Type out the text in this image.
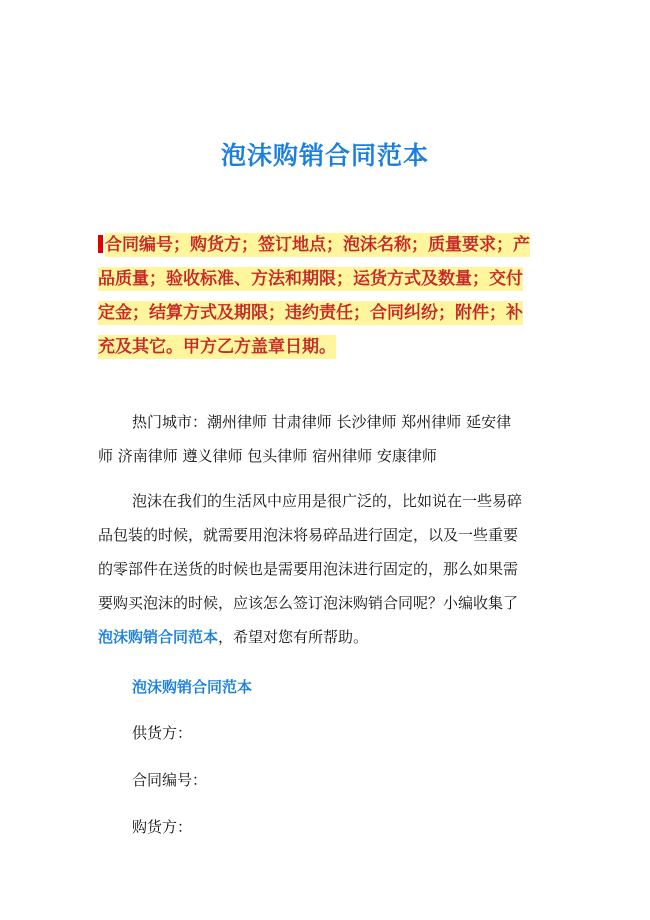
泡沫购销合同范本
合同编号；购货方；签订地点；泡沫名称；质量要求；产
品质量；验收标准、方法和期限；运货方式及数量；交付
定金；结算方式及期限；违约责任；合同纠纷；附件；补
充及其它。甲方乙方盖章日期。
热门城市：潮州律师 甘肃律师 长沙律师 郑州律师 延安律
师 济南律师 遵义律师 包头律师 宿州律师 安康律师
泡沫在我们的生活风中应用是很广泛的，比如说在一些易碎
品包装的时候，就需要用泡沫将易碎品进行固定，以及一些重要
的零部件在送货的时候也是需要用泡沫进行固定的，那么如果需
要购买泡沫的时候，应该怎么签订泡沫购销合同呢？小编收集了
泡沫购销合同范本，希望对您有所帮助。
泡沫购销合同范本
供货方：
合同编号：
购货方：
